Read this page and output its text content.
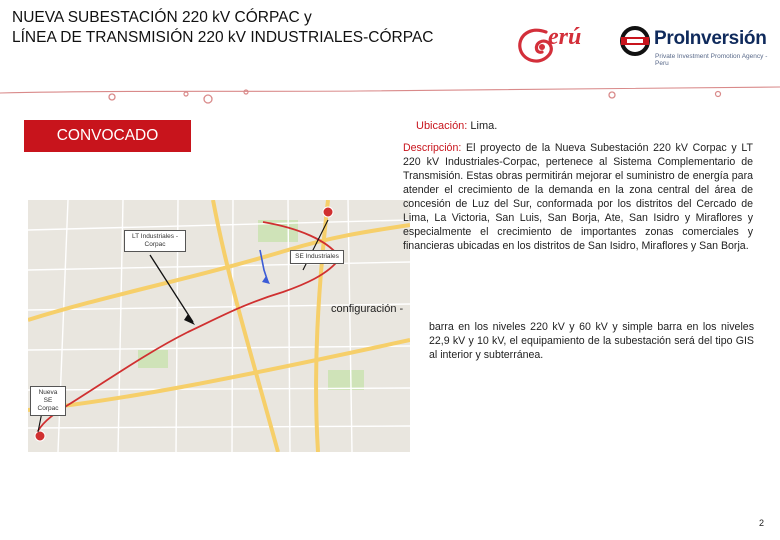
NUEVA SUBESTACIÓN 220 kV CÓRPAC y
LÍNEA DE TRANSMISIÓN 220 kV INDUSTRIALES-CÓRPAC	erú	ProInversión
Private Investment Promotion Agency - Peru
CONVOCADO
LT Industriales -Corpac
SE Industriales
Nueva SE Corpac
Ubicación: Lima.
Descripción: El proyecto de la Nueva Subestación 220 kV Corpac y LT 220 kV Industriales-Corpac, pertenece al Sistema Complementario de Transmisión. Estas obras permitirán mejorar el suministro de energía para atender el crecimiento de la demanda en la zona central del área de concesión de Luz del Sur, conformada por los distritos del Cercado de Lima, La Victoria, San Luis, San Borja, Ate, San Isidro y Miraflores y especialmente el crecimiento de importantes zonas comerciales y financieras ubicadas en los distritos de San Isidro, Miraflores y San Borja.
configuración -
barra en los niveles 220 kV y 60 kV y simple barra en los niveles 22,9 kV y 10 kV, el equipamiento de la subestación será del tipo GIS al interior y subterránea.
2
